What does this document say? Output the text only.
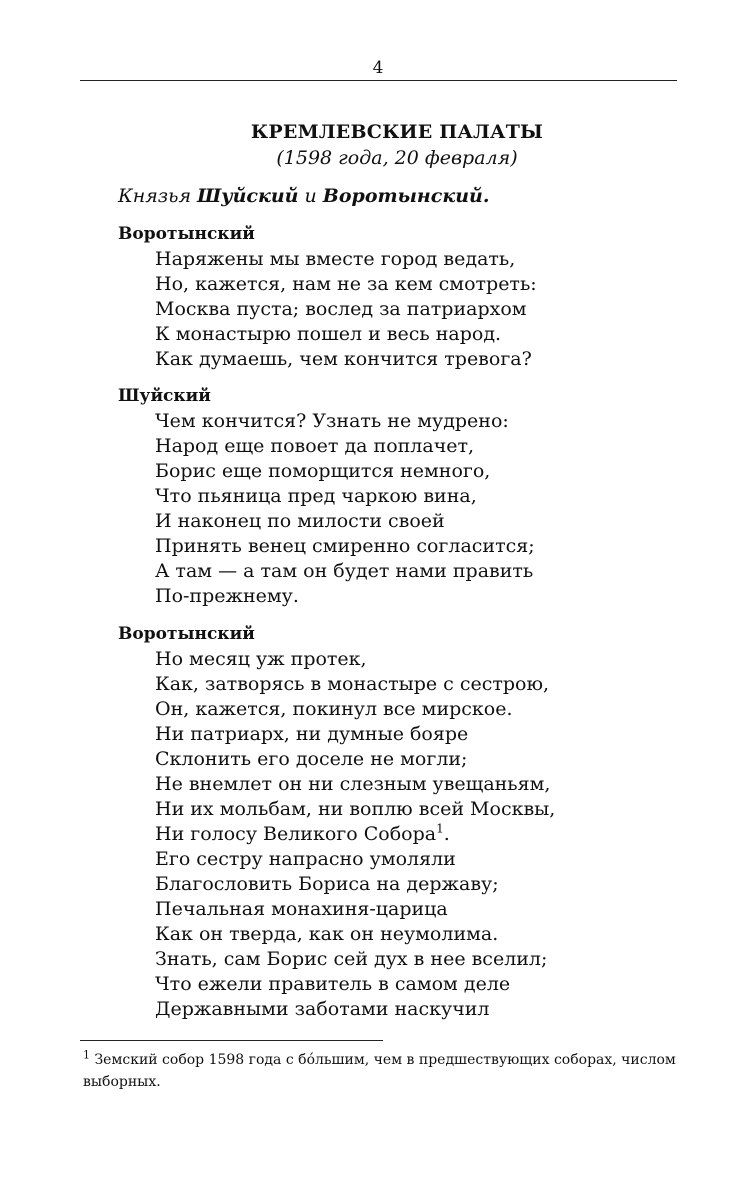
4
КРЕМЛЕВСКИЕ ПАЛАТЫ
(1598 года, 20 февраля)
Князья Шуйский и Воротынский.
Воротынский
Наряжены мы вместе город ведать,
Но, кажется, нам не за кем смотреть:
Москва пуста; вослед за патриархом
К монастырю пошел и весь народ.
Как думаешь, чем кончится тревога?
Шуйский
Чем кончится? Узнать не мудрено:
Народ еще повоет да поплачет,
Борис еще поморщится немного,
Что пьяница пред чаркою вина,
И наконец по милости своей
Принять венец смиренно согласится;
А там — а там он будет нами править
По-прежнему.
Воротынский
Но месяц уж протек,
Как, затворясь в монастыре с сестрою,
Он, кажется, покинул все мирское.
Ни патриарх, ни думные бояре
Склонить его доселе не могли;
Не внемлет он ни слезным увещаньям,
Ни их мольбам, ни воплю всей Москвы,
Ни голосу Великого Собора$^1$.
Его сестру напрасно умоляли
Благословить Бориса на державу;
Печальная монахиня-царица
Как он тверда, как он неумолима.
Знать, сам Борис сей дух в нее вселил;
Что ежели правитель в самом деле
Державными заботами наскучил
$^1$ Земский собор 1598 года с бóльшим, чем в предшествующих соборах, числом выборных.
